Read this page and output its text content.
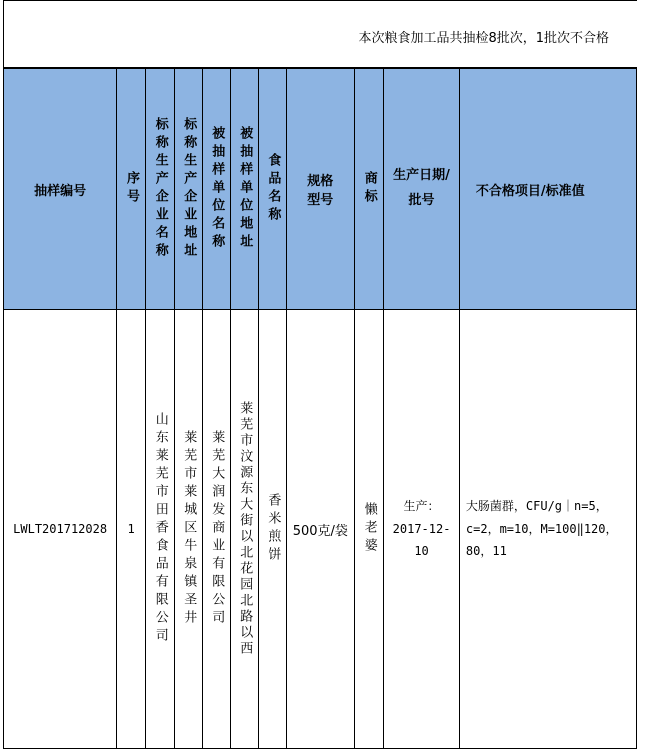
本次粮食加工品共抽检8批次，1批次不合格
抽样编号	序号	标称生产企业名称	标称生产企业地址	被抽样单位名称	被抽样单位地址	食品名称	规格型号	商标	生产日期/批号	不合格项目/标准值

LWLT201712028	1	山东莱芜市田香食品有限公司	莱芜市莱城区牛泉镇圣井	莱芜大润发商业有限公司	莱芜市汶源东大街以北花园北路以西	香米煎饼	500克/袋	懒老婆	生产：2017-12-10	大肠菌群，CFU/g｜n=5，c=2，m=10，M=100‖120，80，11
